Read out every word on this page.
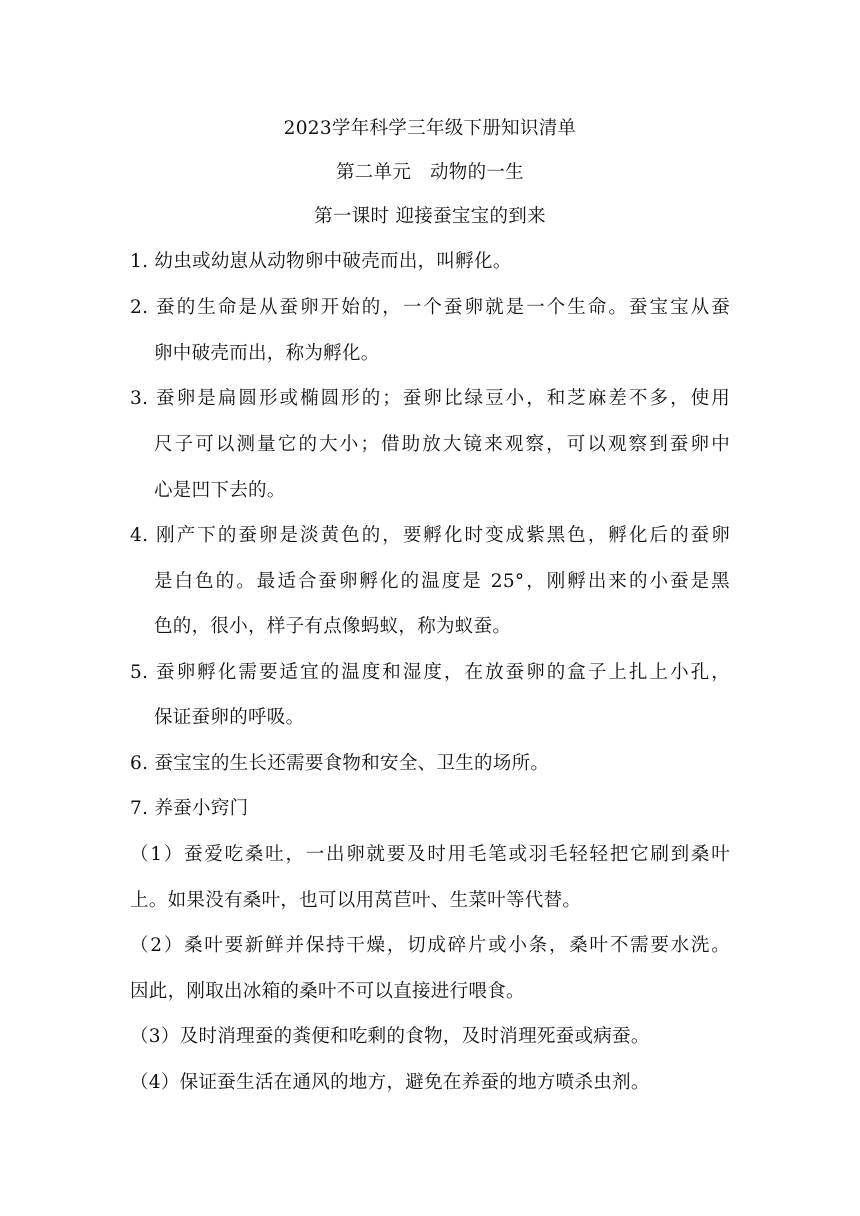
2023学年科学三年级下册知识清单
第二单元　动物的一生
第一课时 迎接蚕宝宝的到来
1. 幼虫或幼崽从动物卵中破壳而出，叫孵化。
2. 蚕的生命是从蚕卵开始的，一个蚕卵就是一个生命。蚕宝宝从蚕
卵中破壳而出，称为孵化。
3. 蚕卵是扁圆形或椭圆形的；蚕卵比绿豆小，和芝麻差不多，使用
尺子可以测量它的大小；借助放大镜来观察，可以观察到蚕卵中
心是凹下去的。
4. 刚产下的蚕卵是淡黄色的，要孵化时变成紫黑色，孵化后的蚕卵
是白色的。最适合蚕卵孵化的温度是 25°，刚孵出来的小蚕是黑
色的，很小，样子有点像蚂蚁，称为蚁蚕。
5. 蚕卵孵化需要适宜的温度和湿度，在放蚕卵的盒子上扎上小孔，
保证蚕卵的呼吸。
6. 蚕宝宝的生长还需要食物和安全、卫生的场所。
7. 养蚕小窍门
（1）蚕爱吃桑吐，一出卵就要及时用毛笔或羽毛轻轻把它刷到桑叶
上。如果没有桑叶，也可以用莴苣叶、生菜叶等代替。
（2）桑叶要新鲜并保持干燥，切成碎片或小条，桑叶不需要水洗。
因此，刚取出冰箱的桑叶不可以直接进行喂食。
（3）及时消理蚕的粪便和吃剩的食物，及时消理死蚕或病蚕。
（4）保证蚕生活在通风的地方，避免在养蚕的地方喷杀虫剂。
